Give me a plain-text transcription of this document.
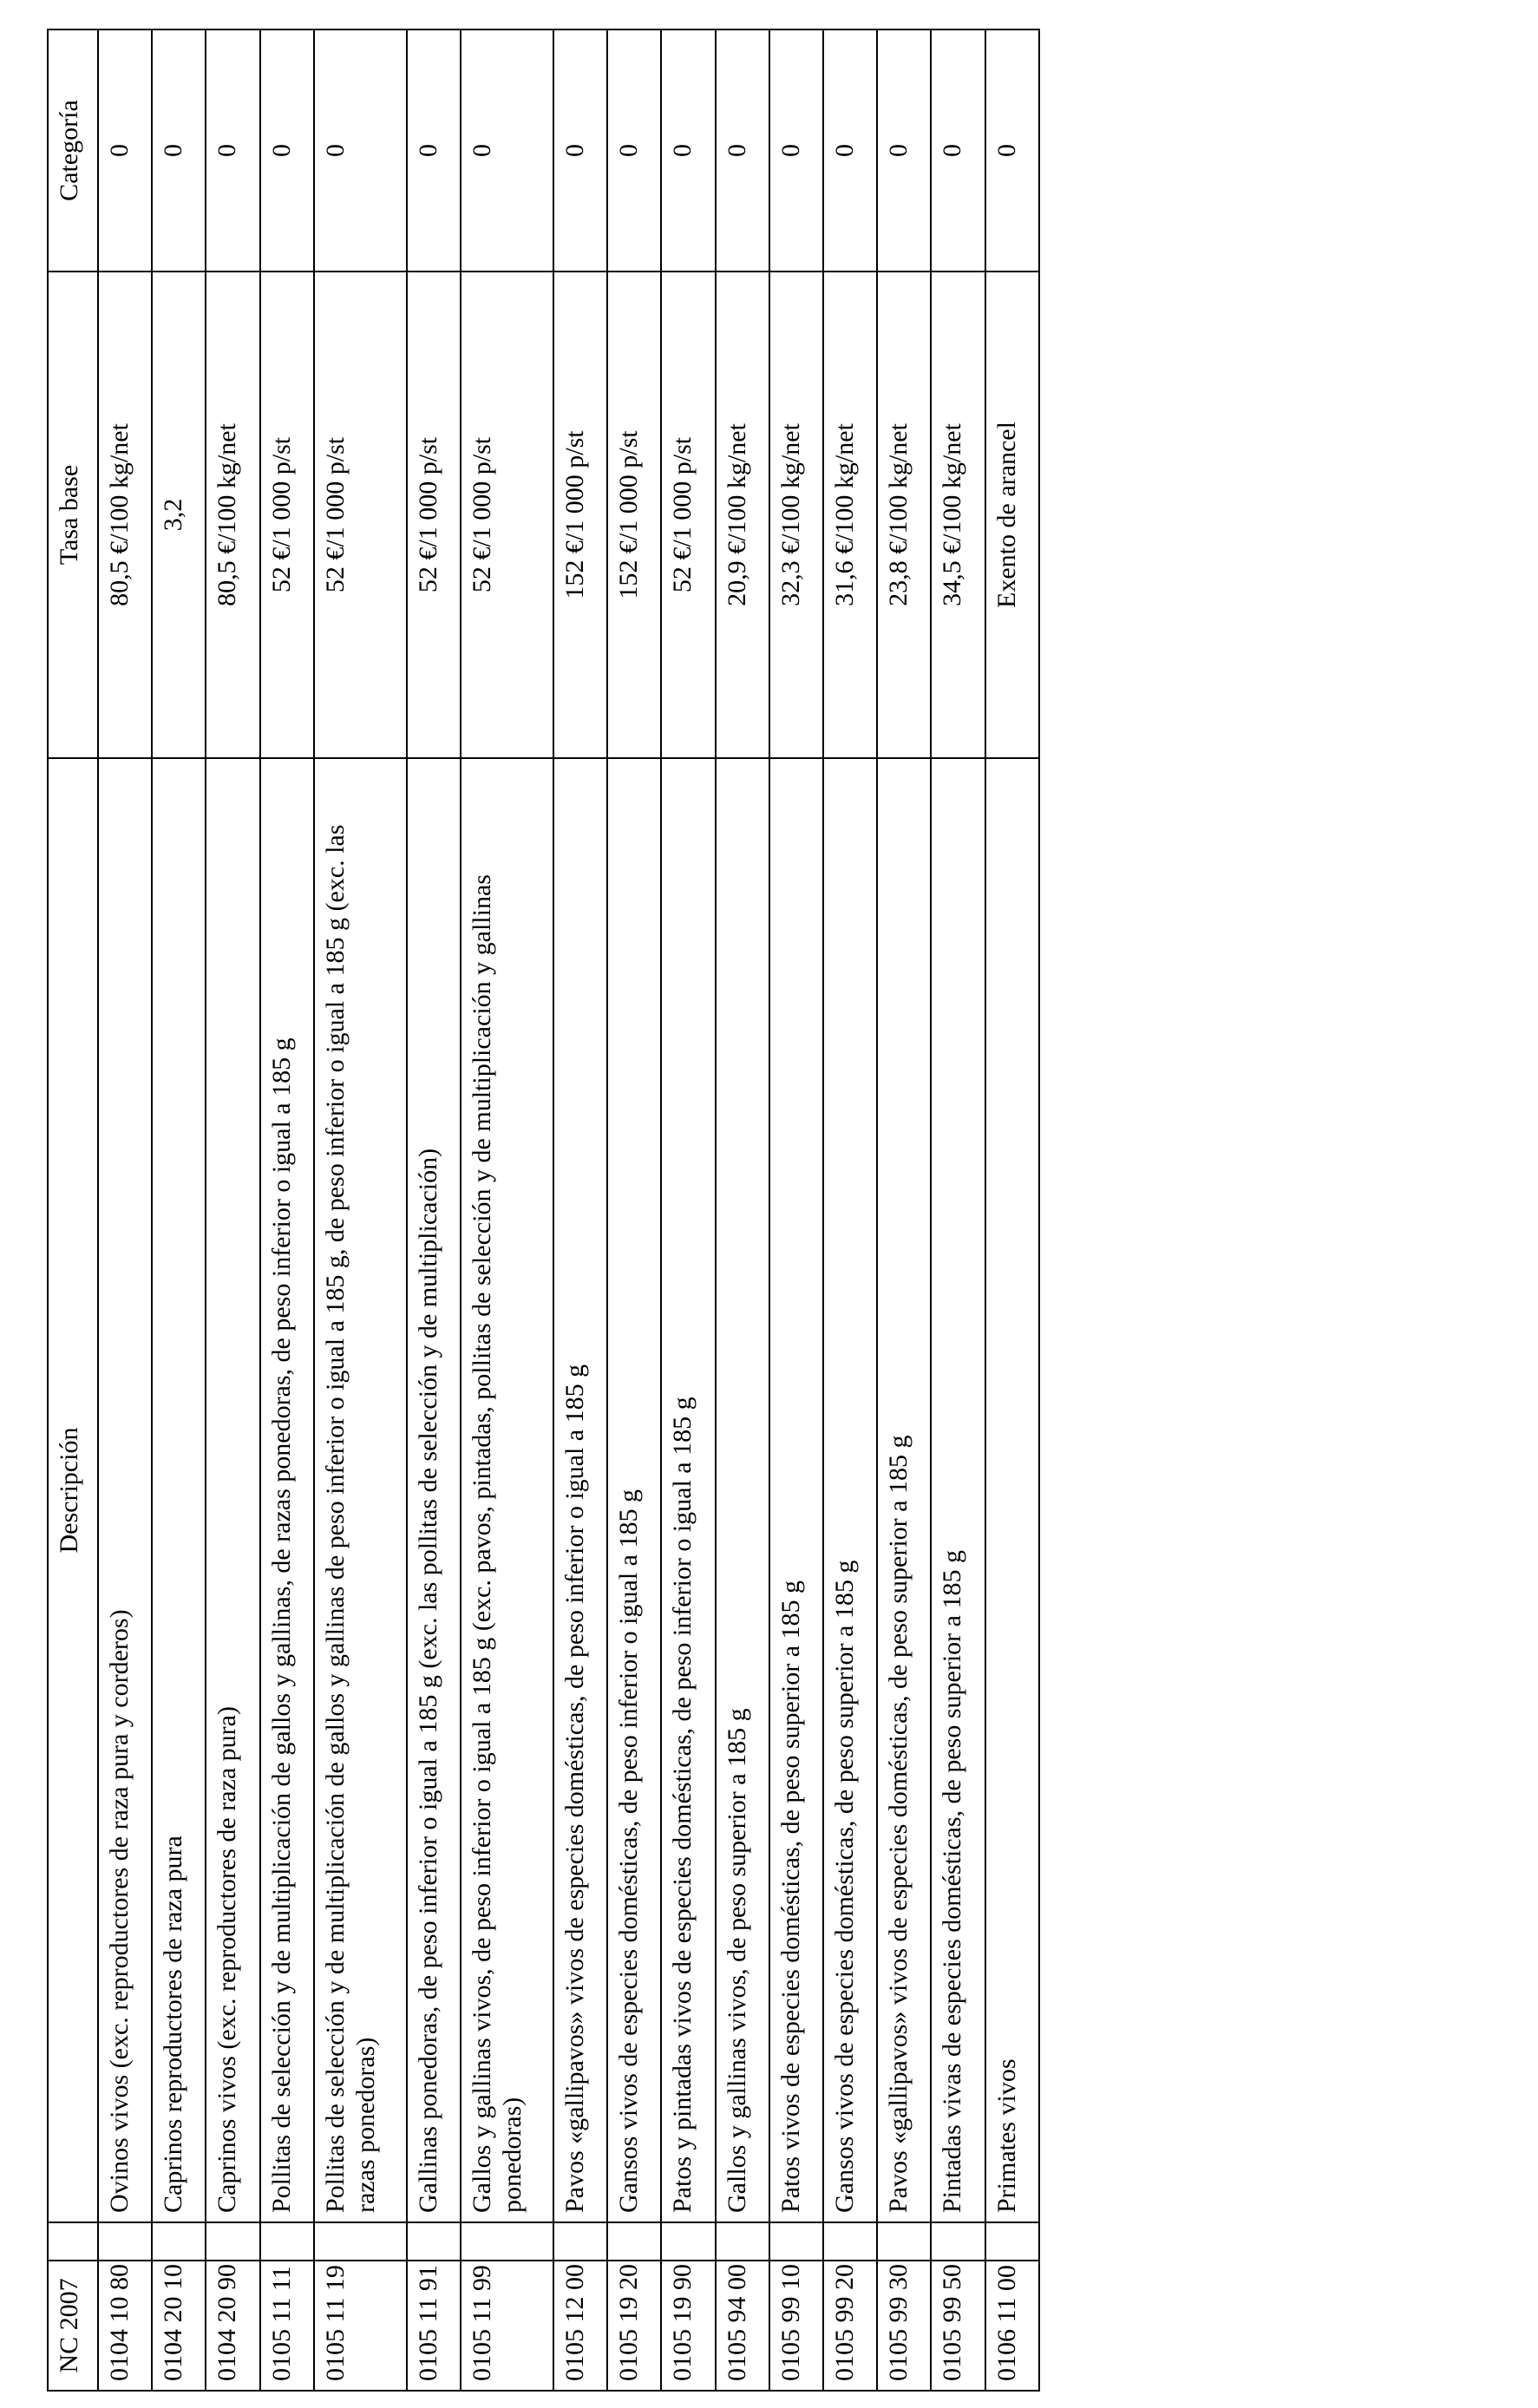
NC 2007		Descripción	Tasa base	Categoría
0104 10 80		Ovinos vivos (exc. reproductores de raza pura y corderos)	80,5 €/100 kg/net	0
0104 20 10		Caprinos reproductores de raza pura	3,2	0
0104 20 90		Caprinos vivos (exc. reproductores de raza pura)	80,5 €/100 kg/net	0
0105 11 11		Pollitas de selección y de multiplicación de gallos y gallinas, de razas ponedoras, de peso inferior o igual a 185 g	52 €/1 000 p/st	0
0105 11 19		Pollitas de selección y de multiplicación de gallos y gallinas de peso inferior o igual a 185 g, de peso inferior o igual a 185 g (exc. las razas ponedoras)	52 €/1 000 p/st	0
0105 11 91		Gallinas ponedoras, de peso inferior o igual a 185 g (exc. las pollitas de selección y de multiplicación)	52 €/1 000 p/st	0
0105 11 99		Gallos y gallinas vivos, de peso inferior o igual a 185 g (exc. pavos, pintadas, pollitas de selección y de multiplicación y gallinas ponedoras)	52 €/1 000 p/st	0
0105 12 00		Pavos «gallipavos» vivos de especies domésticas, de peso inferior o igual a 185 g	152 €/1 000 p/st	0
0105 19 20		Gansos vivos de especies domésticas, de peso inferior o igual a 185 g	152 €/1 000 p/st	0
0105 19 90		Patos y pintadas vivos de especies domésticas, de peso inferior o igual a 185 g	52 €/1 000 p/st	0
0105 94 00		Gallos y gallinas vivos, de peso superior a 185 g	20,9 €/100 kg/net	0
0105 99 10		Patos vivos de especies domésticas, de peso superior a 185 g	32,3 €/100 kg/net	0
0105 99 20		Gansos vivos de especies domésticas, de peso superior a 185 g	31,6 €/100 kg/net	0
0105 99 30		Pavos «gallipavos» vivos de especies domésticas, de peso superior a 185 g	23,8 €/100 kg/net	0
0105 99 50		Pintadas vivas de especies domésticas, de peso superior a 185 g	34,5 €/100 kg/net	0
0106 11 00		Primates vivos	Exento de arancel	0
